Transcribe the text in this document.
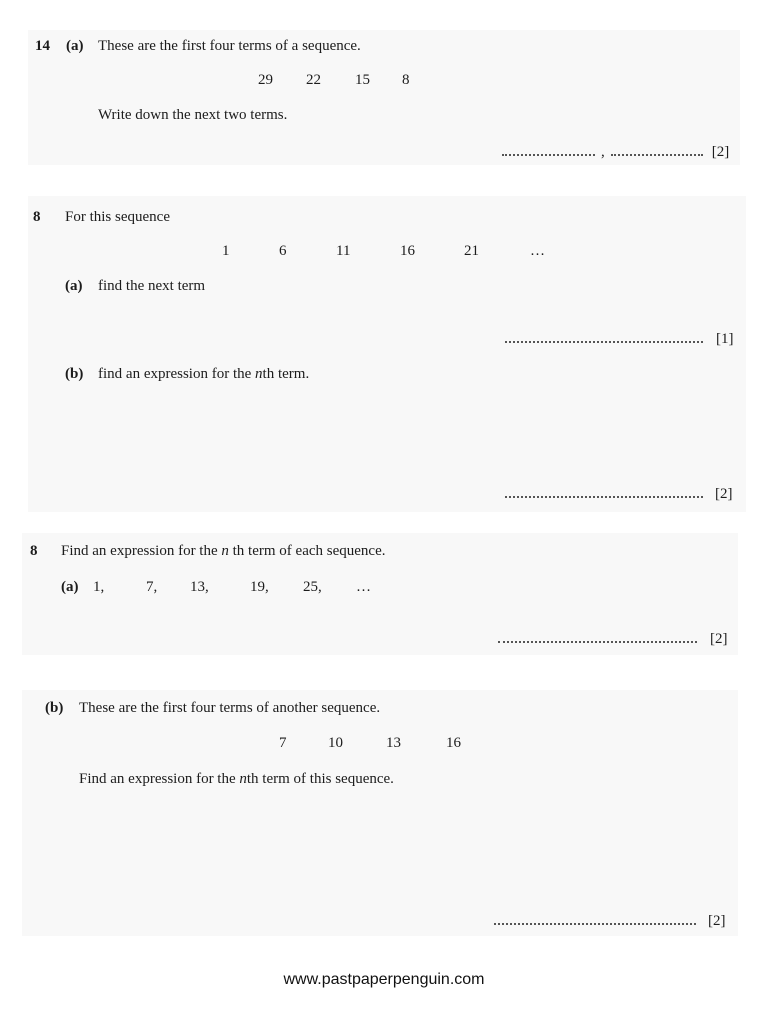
14 (a) These are the first four terms of a sequence.
29 22 15 8
Write down the next two terms.
,	[2]
8 For this sequence
1	6	11	16	21	…
(a) find the next term
[1]
(b) find an expression for the nth term.
[2]
8 Find an expression for the n th term of each sequence.
(a) 1,	7, 13,	19, 25, …
[2]
(b) These are the first four terms of another sequence.
7	10	13	16
Find an expression for the nth term of this sequence.
[2]
www.pastpaperpenguin.com
